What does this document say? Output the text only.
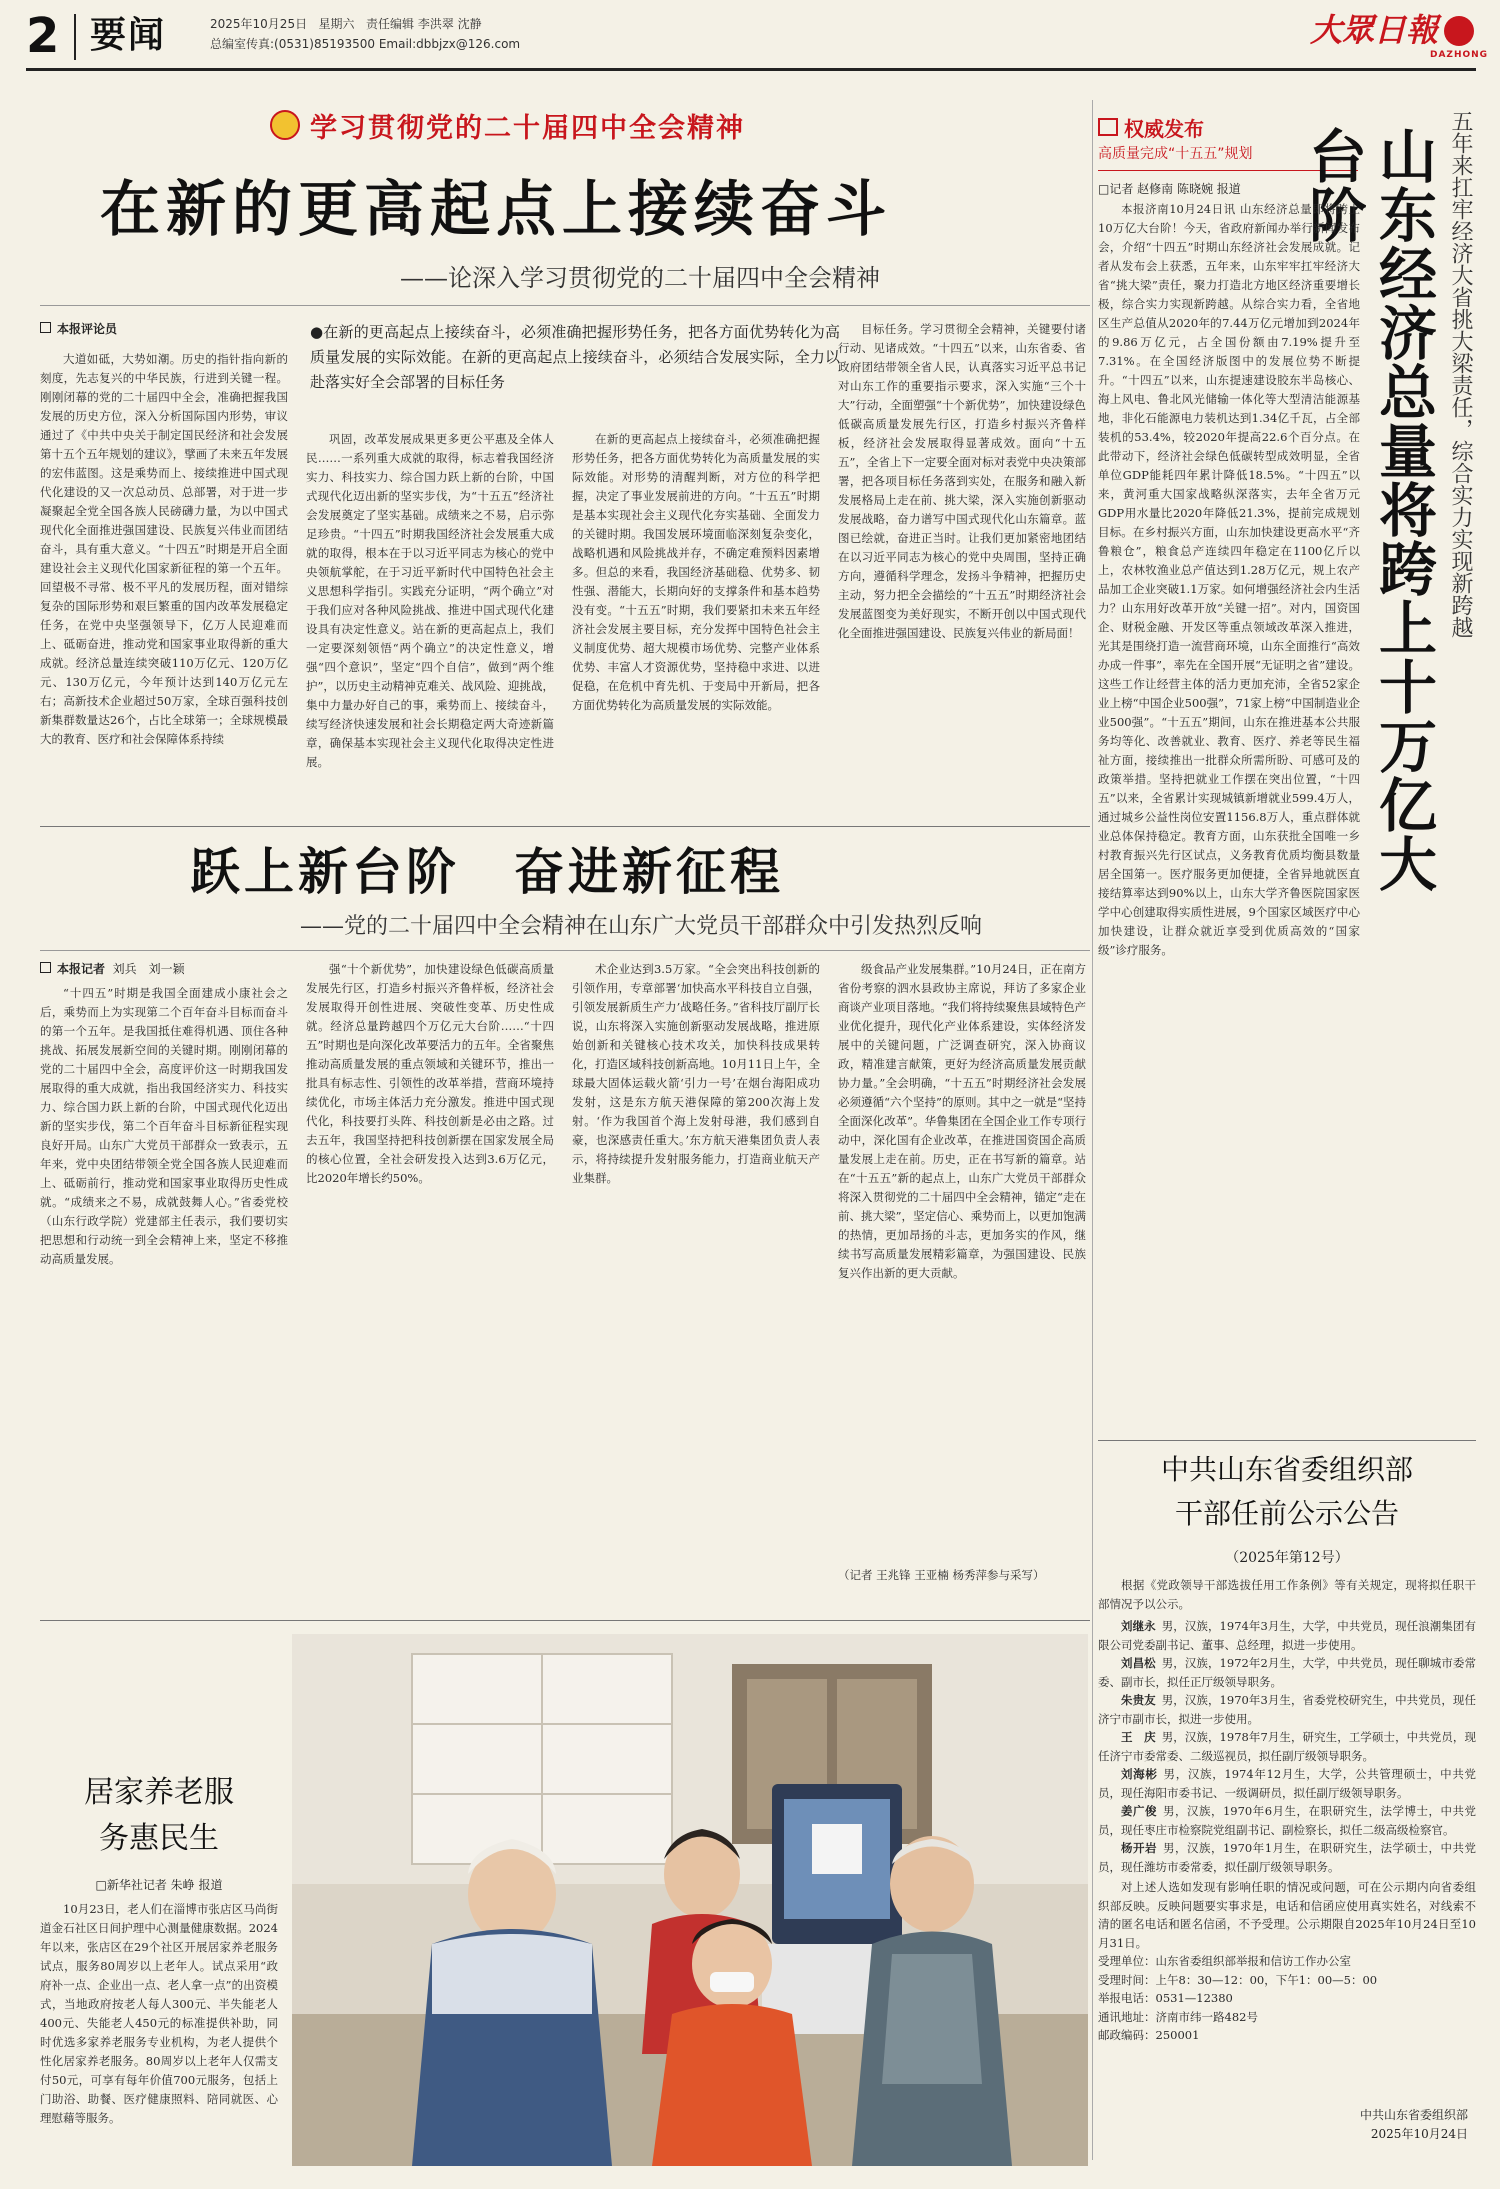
2 要闻	2025年10月25日 星期六 责任编辑 李洪翠 沈静
总编室传真:(0531)85193500 Email:dbbjzx@126.com	大眾日報
DAZHONG
学习贯彻党的二十届四中全会精神
在新的更高起点上接续奋斗
——论深入学习贯彻党的二十届四中全会精神
本报评论员	●在新的更高起点上接续奋斗，必须准确把握形势任务，把各方面优势转化为高质量发展的实际效能。在新的更高起点上接续奋斗，必须结合发展实际，全力以赴落实好全会部署的目标任务

大道如砥，大势如潮。历史的指针指向新的刻度，先志复兴的中华民族，行进到关键一程。刚刚闭幕的党的二十届四中全会，准确把握我国发展的历史方位，深入分析国际国内形势，审议通过了《中共中央关于制定国民经济和社会发展第十五个五年规划的建议》，擘画了未来五年发展的宏伟蓝图。这是乘势而上、接续推进中国式现代化建设的又一次总动员、总部署，对于进一步凝聚起全党全国各族人民磅礴力量，为以中国式现代化全面推进强国建设、民族复兴伟业而团结奋斗，具有重大意义。“十四五”时期是开启全面建设社会主义现代化国家新征程的第一个五年。回望极不寻常、极不平凡的发展历程，面对错综复杂的国际形势和艰巨繁重的国内改革发展稳定任务，在党中央坚强领导下，亿万人民迎难而上、砥砺奋进，推动党和国家事业取得新的重大成就。经济总量连续突破110万亿元、120万亿元、130万亿元，今年预计达到140万亿元左右；高新技术企业超过50万家，全球百强科技创新集群数量达26个，占比全球第一；全球规模最大的教育、医疗和社会保障体系持续

巩固，改革发展成果更多更公平惠及全体人民……一系列重大成就的取得，标志着我国经济实力、科技实力、综合国力跃上新的台阶，中国式现代化迈出新的坚实步伐，为“十五五”经济社会发展奠定了坚实基础。成绩来之不易，启示弥足珍贵。“十四五”时期我国经济社会发展重大成就的取得，根本在于以习近平同志为核心的党中央领航掌舵，在于习近平新时代中国特色社会主义思想科学指引。实践充分证明，“两个确立”对于我们应对各种风险挑战、推进中国式现代化建设具有决定性意义。站在新的更高起点上，我们一定要深刻领悟“两个确立”的决定性意义，增强“四个意识”，坚定“四个自信”，做到“两个维护”，以历史主动精神克难关、战风险、迎挑战，集中力量办好自己的事，乘势而上、接续奋斗，续写经济快速发展和社会长期稳定两大奇迹新篇章，确保基本实现社会主义现代化取得决定性进展。

在新的更高起点上接续奋斗，必须准确把握形势任务，把各方面优势转化为高质量发展的实际效能。对形势的清醒判断，对方位的科学把握，决定了事业发展前进的方向。“十五五”时期是基本实现社会主义现代化夯实基础、全面发力的关键时期。我国发展环境面临深刻复杂变化，战略机遇和风险挑战并存，不确定难预料因素增多。但总的来看，我国经济基础稳、优势多、韧性强、潜能大，长期向好的支撑条件和基本趋势没有变。“十五五”时期，我们要紧扣未来五年经济社会发展主要目标，充分发挥中国特色社会主义制度优势、超大规模市场优势、完整产业体系优势、丰富人才资源优势，坚持稳中求进、以进促稳，在危机中育先机、于变局中开新局，把各方面优势转化为高质量发展的实际效能。

目标任务。学习贯彻全会精神，关键要付诸行动、见诸成效。“十四五”以来，山东省委、省政府团结带领全省人民，认真落实习近平总书记对山东工作的重要指示要求，深入实施“三个十大”行动，全面塑强“十个新优势”，加快建设绿色低碳高质量发展先行区，打造乡村振兴齐鲁样板，经济社会发展取得显著成效。面向“十五五”，全省上下一定要全面对标对表党中央决策部署，把各项目标任务落到实处，在服务和融入新发展格局上走在前、挑大梁，深入实施创新驱动发展战略，奋力谱写中国式现代化山东篇章。蓝图已绘就，奋进正当时。让我们更加紧密地团结在以习近平同志为核心的党中央周围，坚持正确方向，遵循科学理念，发扬斗争精神，把握历史主动，努力把全会描绘的“十五五”时期经济社会发展蓝图变为美好现实，不断开创以中国式现代化全面推进强国建设、民族复兴伟业的新局面！

跃上新台阶　奋进新征程
——党的二十届四中全会精神在山东广大党员干部群众中引发热烈反响
本报记者 刘兵　刘一颖

“十四五”时期是我国全面建成小康社会之后，乘势而上为实现第二个百年奋斗目标而奋斗的第一个五年。是我国抵住难得机遇、顶住各种挑战、拓展发展新空间的关键时期。刚刚闭幕的党的二十届四中全会，高度评价这一时期我国发展取得的重大成就，指出我国经济实力、科技实力、综合国力跃上新的台阶，中国式现代化迈出新的坚实步伐，第二个百年奋斗目标新征程实现良好开局。山东广大党员干部群众一致表示，五年来，党中央团结带领全党全国各族人民迎难而上、砥砺前行，推动党和国家事业取得历史性成就。“成绩来之不易，成就鼓舞人心。”省委党校（山东行政学院）党建部主任表示，我们要切实把思想和行动统一到全会精神上来，坚定不移推动高质量发展。

强“十个新优势”，加快建设绿色低碳高质量发展先行区，打造乡村振兴齐鲁样板，经济社会发展取得开创性进展、突破性变革、历史性成就。经济总量跨越四个万亿元大台阶……“十四五”时期也是向深化改革要活力的五年。全省聚焦推动高质量发展的重点领域和关键环节，推出一批具有标志性、引领性的改革举措，营商环境持续优化，市场主体活力充分激发。推进中国式现代化，科技要打头阵、科技创新是必由之路。过去五年，我国坚持把科技创新摆在国家发展全局的核心位置，全社会研发投入达到3.6万亿元，比2020年增长约50%。

术企业达到3.5万家。“全会突出科技创新的引领作用，专章部署‘加快高水平科技自立自强，引领发展新质生产力’战略任务。”省科技厅副厅长说，山东将深入实施创新驱动发展战略，推进原始创新和关键核心技术攻关，加快科技成果转化，打造区域科技创新高地。10月11日上午，全球最大固体运载火箭‘引力一号’在烟台海阳成功发射，这是东方航天港保障的第200次海上发射。‘作为我国首个海上发射母港，我们感到自豪，也深感责任重大。’东方航天港集团负责人表示，将持续提升发射服务能力，打造商业航天产业集群。

级食品产业发展集群。”10月24日，正在南方省份考察的泗水县政协主席说，拜访了多家企业商谈产业项目落地。“我们将持续聚焦县域特色产业优化提升，现代化产业体系建设，实体经济发展中的关键问题，广泛调查研究，深入协商议政，精准建言献策，更好为经济高质量发展贡献协力量。”全会明确，“十五五”时期经济社会发展必须遵循“六个坚持”的原则。其中之一就是“坚持全面深化改革”。华鲁集团在全国企业工作专项行动中，深化国有企业改革，在推进国资国企高质量发展上走在前。历史，正在书写新的篇章。站在“十五五”新的起点上，山东广大党员干部群众将深入贯彻党的二十届四中全会精神，锚定“走在前、挑大梁”，坚定信心、乘势而上，以更加饱满的热情，更加昂扬的斗志，更加务实的作风，继续书写高质量发展精彩篇章，为强国建设、民族复兴作出新的更大贡献。

（记者 王兆锋 王亚楠 杨秀萍参与采写）
居家养老服务惠民生
□新华社记者 朱峥 报道

10月23日，老人们在淄博市张店区马尚街道金石社区日间护理中心测量健康数据。2024年以来，张店区在29个社区开展居家养老服务试点，服务80周岁以上老年人。试点采用“政府补一点、企业出一点、老人拿一点”的出资模式，当地政府按老人每人300元、半失能老人400元、失能老人450元的标准提供补助，同时优选多家养老服务专业机构，为老人提供个性化居家养老服务。80周岁以上老年人仅需支付50元，可享有每年价值700元服务，包括上门助浴、助餐、医疗健康照料、陪同就医、心理慰藉等服务。

权威发布
高质量完成“十五五”规划 山东经济总量将跨上十万亿大台阶	五年来扛牢经济大省挑大梁责任，综合实力实现新跨越
□记者 赵修南 陈晓婉 报道

本报济南10月24日讯 山东经济总量即将跨上10万亿大台阶！今天，省政府新闻办举行新闻发布会，介绍“十四五”时期山东经济社会发展成就。记者从发布会上获悉，五年来，山东牢牢扛牢经济大省“挑大梁”责任，聚力打造北方地区经济重要增长极，综合实力实现新跨越。从综合实力看，全省地区生产总值从2020年的7.44万亿元增加到2024年的9.86万亿元，占全国份额由7.19%提升至7.31%。在全国经济版图中的发展位势不断提升。“十四五”以来，山东提速建设胶东半岛核心、海上风电、鲁北风光储输一体化等大型清洁能源基地，非化石能源电力装机达到1.34亿千瓦，占全部装机的53.4%，较2020年提高22.6个百分点。在此带动下，经济社会绿色低碳转型成效明显，全省单位GDP能耗四年累计降低18.5%。“十四五”以来，黄河重大国家战略纵深落实，去年全省万元GDP用水量比2020年降低21.3%，提前完成规划目标。在乡村振兴方面，山东加快建设更高水平“齐鲁粮仓”，粮食总产连续四年稳定在1100亿斤以上，农林牧渔业总产值达到1.28万亿元，规上农产品加工企业突破1.1万家。如何增强经济社会内生活力？山东用好改革开放“关键一招”。对内，国资国企、财税金融、开发区等重点领域改革深入推进，光其是围绕打造一流营商环境，山东全面推行“高效办成一件事”，率先在全国开展“无证明之省”建设。这些工作让经营主体的活力更加充沛，全省52家企业上榜“中国企业500强”，71家上榜“中国制造业企业500强”。“十五五”期间，山东在推进基本公共服务均等化、改善就业、教育、医疗、养老等民生福祉方面，接续推出一批群众所需所盼、可感可及的政策举措。坚持把就业工作摆在突出位置，“十四五”以来，全省累计实现城镇新增就业599.4万人，通过城乡公益性岗位安置1156.8万人，重点群体就业总体保持稳定。教育方面，山东获批全国唯一乡村教育振兴先行区试点，义务教育优质均衡县数量居全国第一。医疗服务更加便捷，全省异地就医直接结算率达到90%以上，山东大学齐鲁医院国家医学中心创建取得实质性进展，9个国家区域医疗中心加快建设，让群众就近享受到优质高效的“国家级”诊疗服务。

中共山东省委组织部
干部任前公示公告
（2025年第12号）

根据《党政领导干部选拔任用工作条例》等有关规定，现将拟任职干部情况予以公示。

刘继永 男，汉族，1974年3月生，大学，中共党员，现任浪潮集团有限公司党委副书记、董事、总经理，拟进一步使用。

刘昌松 男，汉族，1972年2月生，大学，中共党员，现任聊城市委常委、副市长，拟任正厅级领导职务。

朱贵友 男，汉族，1970年3月生，省委党校研究生，中共党员，现任济宁市副市长，拟进一步使用。

王　庆 男，汉族，1978年7月生，研究生，工学硕士，中共党员，现任济宁市委常委、二级巡视员，拟任副厅级领导职务。

刘海彬 男，汉族，1974年12月生，大学，公共管理硕士，中共党员，现任海阳市委书记、一级调研员，拟任副厅级领导职务。

姜广俊 男，汉族，1970年6月生，在职研究生，法学博士，中共党员，现任枣庄市检察院党组副书记、副检察长，拟任二级高级检察官。

杨开岩 男，汉族，1970年1月生，在职研究生，法学硕士，中共党员，现任潍坊市委常委，拟任副厅级领导职务。

对上述人选如发现有影响任职的情况或问题，可在公示期内向省委组织部反映。反映问题要实事求是，电话和信函应使用真实姓名，对线索不清的匿名电话和匿名信函，不予受理。公示期限自2025年10月24日至10月31日。

受理单位：山东省委组织部举报和信访工作办公室
受理时间：上午8：30—12：00，下午1：00—5：00
举报电话：0531—12380
通讯地址：济南市纬一路482号
邮政编码：250001
中共山东省委组织部
2025年10月24日
